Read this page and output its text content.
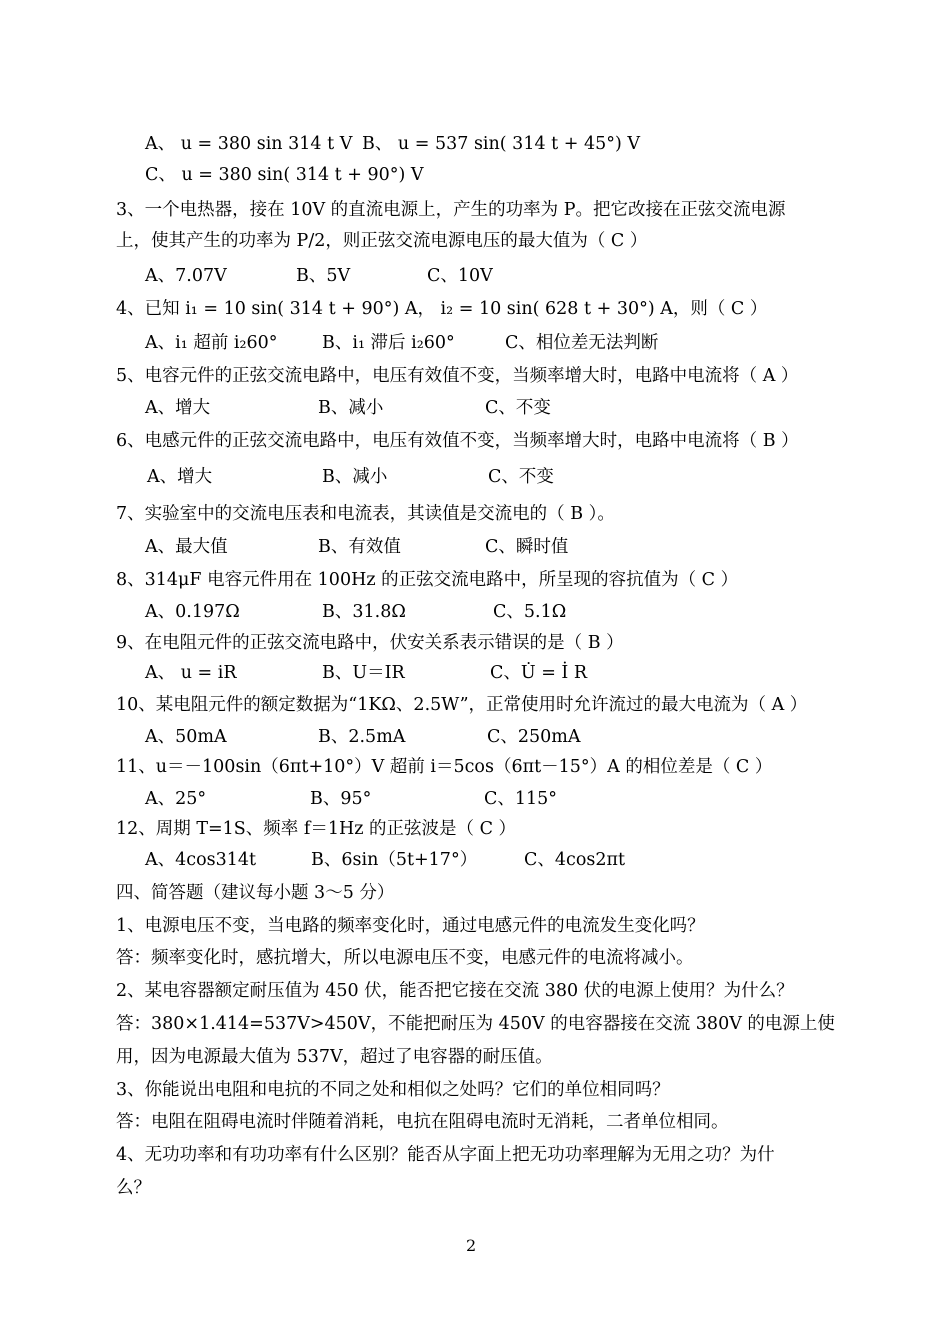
A、 u = 380 sin 314 t V B、 u = 537 sin( 314 t + 45°) V
C、 u = 380 sin( 314 t + 90°) V
3、一个电热器，接在 10V 的直流电源上，产生的功率为 P。把它改接在正弦交流电源
上，使其产生的功率为 P/2，则正弦交流电源电压的最大值为（ C ）
A、7.07V	B、5V	C、10V
4、已知 i₁ = 10 sin( 314 t + 90°) A， i₂ = 10 sin( 628 t + 30°) A，则（ C ）
A、i₁ 超前 i₂60°	B、i₁ 滞后 i₂60°	C、相位差无法判断
5、电容元件的正弦交流电路中，电压有效值不变，当频率增大时，电路中电流将（ A ）
A、增大	B、减小	C、不变
6、电感元件的正弦交流电路中，电压有效值不变，当频率增大时，电路中电流将（ B ）
A、增大	B、减小	C、不变
7、实验室中的交流电压表和电流表，其读值是交流电的（ B ）。
A、最大值	B、有效值	C、瞬时值
8、314μF 电容元件用在 100Hz 的正弦交流电路中，所呈现的容抗值为（ C ）
A、0.197Ω	B、31.8Ω	C、5.1Ω
9、在电阻元件的正弦交流电路中，伏安关系表示错误的是（ B ）
A、 u = iR	B、U＝IR	C、U̇ = İ R
10、某电阻元件的额定数据为“1KΩ、2.5W”，正常使用时允许流过的最大电流为（ A ）
A、50mA	B、2.5mA	C、250mA
11、u＝－100sin（6πt+10°）V 超前 i＝5cos（6πt－15°）A 的相位差是（ C ）
A、25°	B、95°	C、115°
12、周期 T=1S、频率 f＝1Hz 的正弦波是（ C ）
A、4cos314t	B、6sin（5t+17°）	C、4cos2πt
四、简答题（建议每小题 3～5 分）
1、电源电压不变，当电路的频率变化时，通过电感元件的电流发生变化吗？
答：频率变化时，感抗增大，所以电源电压不变，电感元件的电流将减小。
2、某电容器额定耐压值为 450 伏，能否把它接在交流 380 伏的电源上使用？为什么？
答：380×1.414=537V>450V，不能把耐压为 450V 的电容器接在交流 380V 的电源上使
用，因为电源最大值为 537V，超过了电容器的耐压值。
3、你能说出电阻和电抗的不同之处和相似之处吗？它们的单位相同吗？
答：电阻在阻碍电流时伴随着消耗，电抗在阻碍电流时无消耗，二者单位相同。
4、无功功率和有功功率有什么区别？能否从字面上把无功功率理解为无用之功？为什
么？
2
